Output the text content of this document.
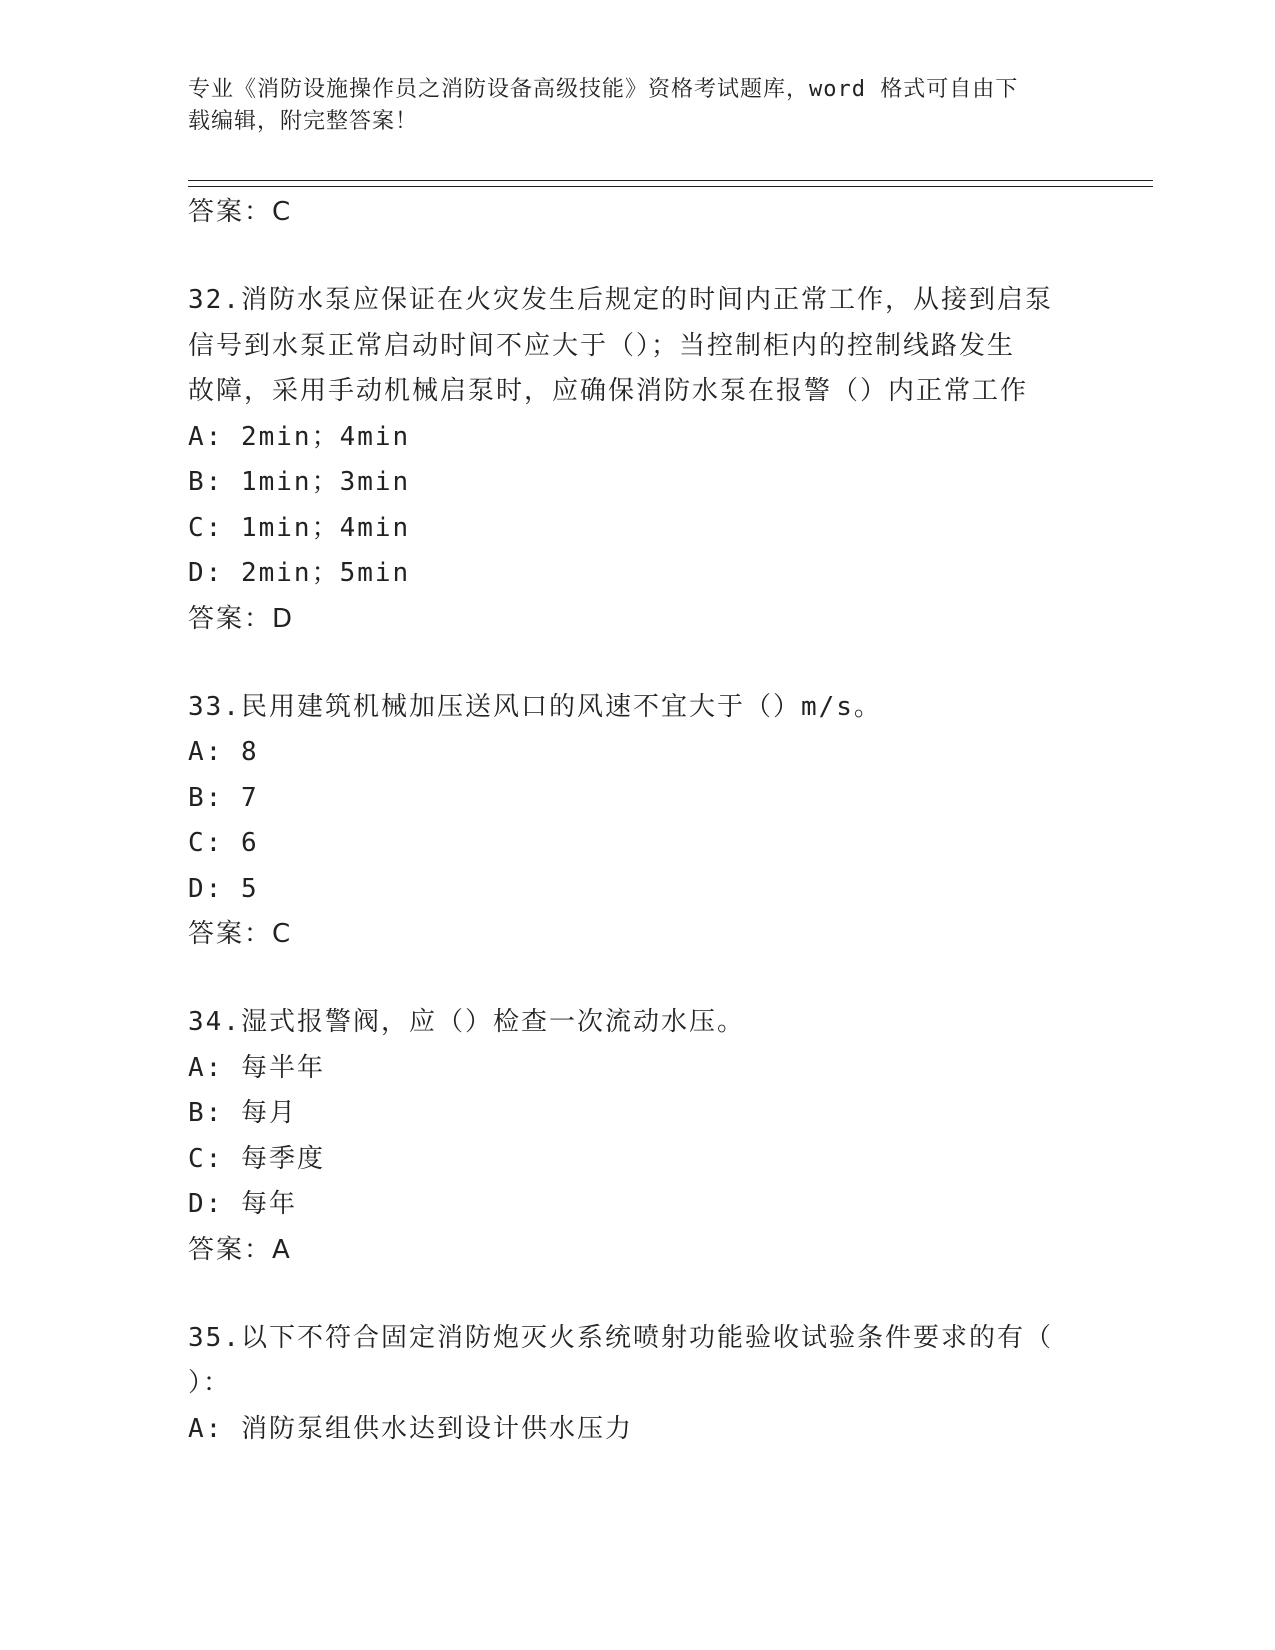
专业《消防设施操作员之消防设备高级技能》资格考试题库，word 格式可自由下
载编辑，附完整答案！
答案：C
32.消防水泵应保证在火灾发生后规定的时间内正常工作，从接到启泵
信号到水泵正常启动时间不应大于（）；当控制柜内的控制线路发生
故障，采用手动机械启泵时，应确保消防水泵在报警（）内正常工作
A: 2min；4min
B: 1min；3min
C: 1min；4min
D: 2min；5min
答案：D
33.民用建筑机械加压送风口的风速不宜大于（）m/s。
A: 8
B: 7
C: 6
D: 5
答案：C
34.湿式报警阀，应（）检查一次流动水压。
A: 每半年
B: 每月
C: 每季度
D: 每年
答案：A
35.以下不符合固定消防炮灭火系统喷射功能验收试验条件要求的有（
）：
A: 消防泵组供水达到设计供水压力
